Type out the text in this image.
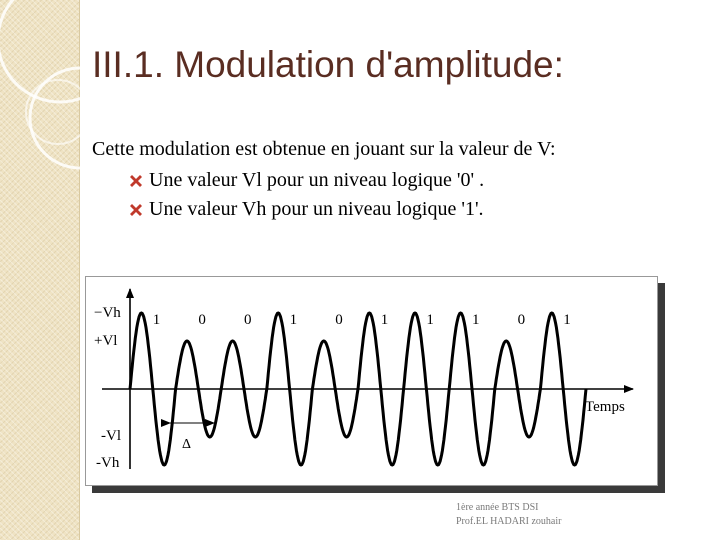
III.1. Modulation d'amplitude:

Cette modulation est obtenue en jouant sur la valeur de V:

Une valeur Vl pour un niveau logique '0' .
Une valeur Vh pour un niveau logique '1'.
−Vh
+Vl
-Vl
-Vh
Temps
Δ
1	0	0	1	0	1	1	1	0	1
1ère année BTS DSI
Prof.EL HADARI zouhair
